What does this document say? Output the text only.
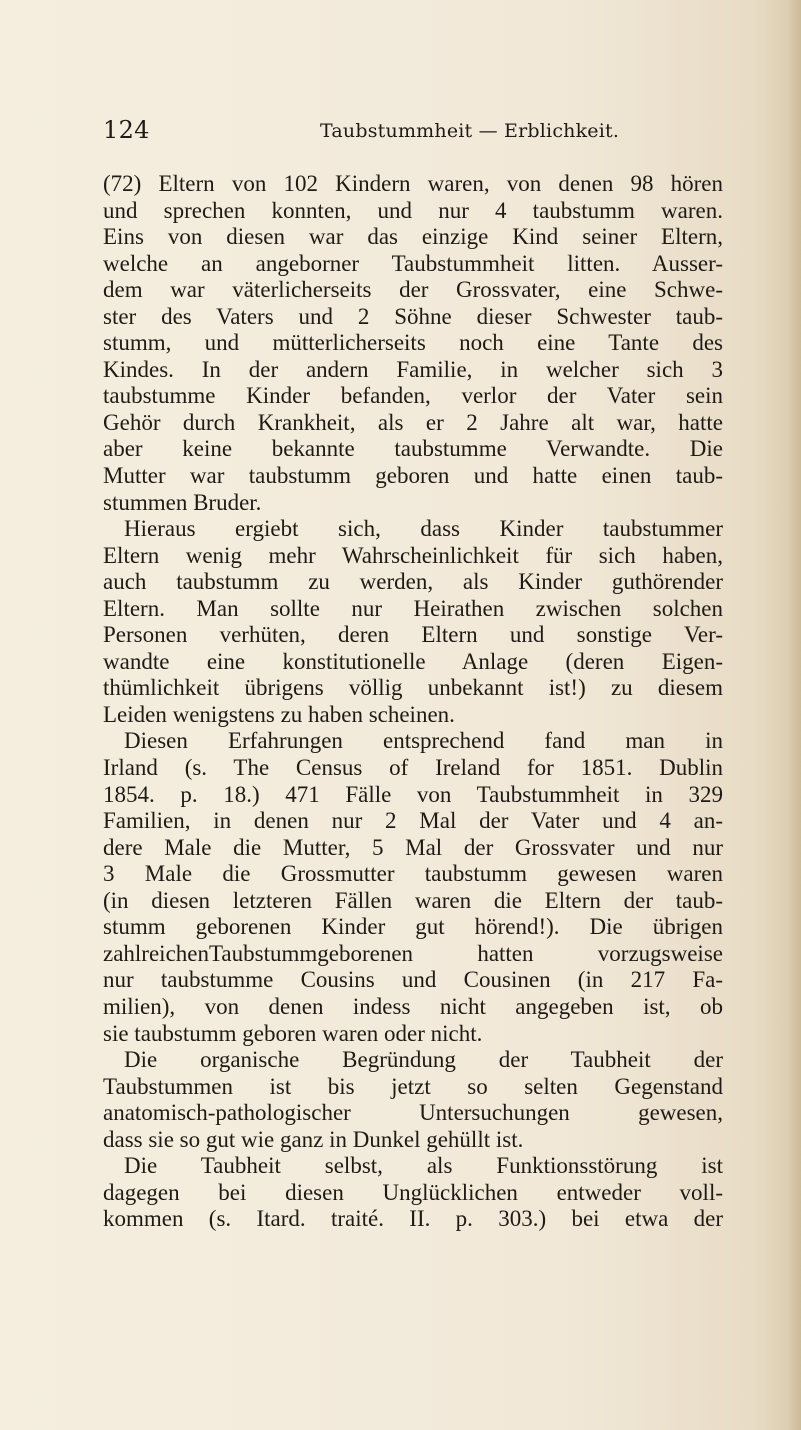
124	Taubstummheit — Erblichkeit.
(72) Eltern von 102 Kindern waren, von denen 98 hören
und sprechen konnten, und nur 4 taubstumm waren.
Eins von diesen war das einzige Kind seiner Eltern,
welche an angeborner Taubstummheit litten. Ausser-
dem war väterlicherseits der Grossvater, eine Schwe-
ster des Vaters und 2 Söhne dieser Schwester taub-
stumm, und mütterlicherseits noch eine Tante des
Kindes. In der andern Familie, in welcher sich 3
taubstumme Kinder befanden, verlor der Vater sein
Gehör durch Krankheit, als er 2 Jahre alt war, hatte
aber keine bekannte taubstumme Verwandte. Die
Mutter war taubstumm geboren und hatte einen taub-
stummen Bruder.
Hieraus ergiebt sich, dass Kinder taubstummer
Eltern wenig mehr Wahrscheinlichkeit für sich haben,
auch taubstumm zu werden, als Kinder guthörender
Eltern. Man sollte nur Heirathen zwischen solchen
Personen verhüten, deren Eltern und sonstige Ver-
wandte eine konstitutionelle Anlage (deren Eigen-
thümlichkeit übrigens völlig unbekannt ist!) zu diesem
Leiden wenigstens zu haben scheinen.
Diesen Erfahrungen entsprechend fand man in
Irland (s. The Census of Ireland for 1851. Dublin
1854. p. 18.) 471 Fälle von Taubstummheit in 329
Familien, in denen nur 2 Mal der Vater und 4 an-
dere Male die Mutter, 5 Mal der Grossvater und nur
3 Male die Grossmutter taubstumm gewesen waren
(in diesen letzteren Fällen waren die Eltern der taub-
stumm geborenen Kinder gut hörend!). Die übrigen
zahlreichenTaubstummgeborenen hatten vorzugsweise
nur taubstumme Cousins und Cousinen (in 217 Fa-
milien), von denen indess nicht angegeben ist, ob
sie taubstumm geboren waren oder nicht.
Die organische Begründung der Taubheit der
Taubstummen ist bis jetzt so selten Gegenstand
anatomisch-pathologischer Untersuchungen gewesen,
dass sie so gut wie ganz in Dunkel gehüllt ist.
Die Taubheit selbst, als Funktionsstörung ist
dagegen bei diesen Unglücklichen entweder voll-
kommen (s. Itard. traité. II. p. 303.) bei etwa der
